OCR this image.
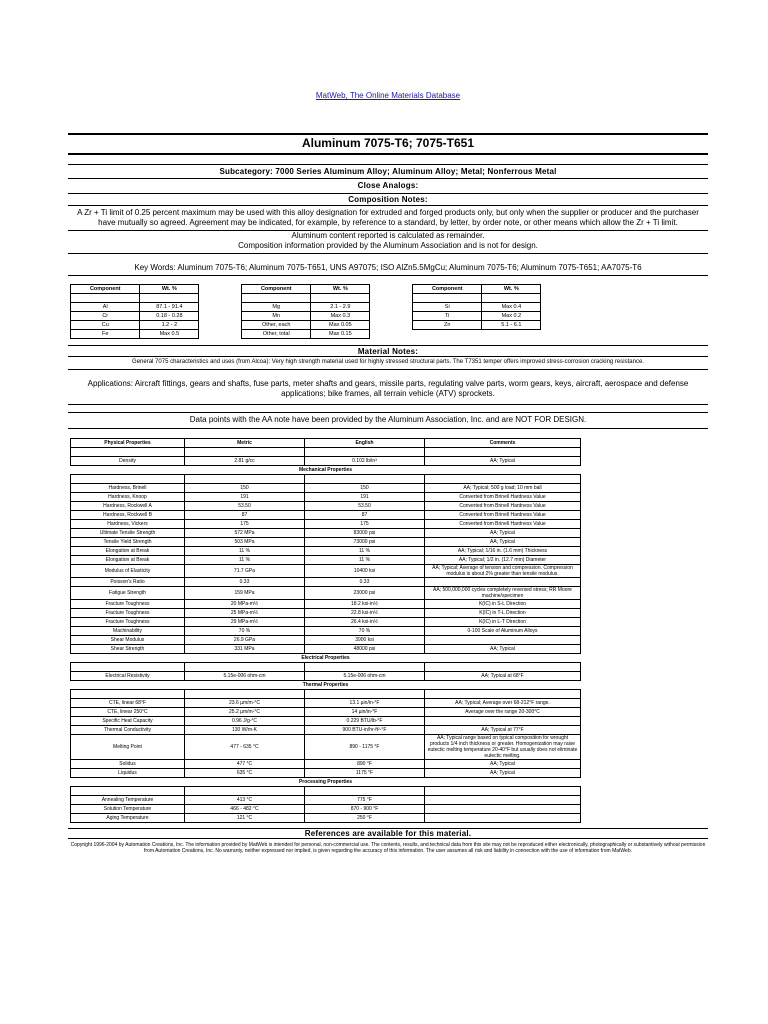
MatWeb, The Online Materials Database
Aluminum 7075-T6; 7075-T651
Subcategory: 7000 Series Aluminum Alloy; Aluminum Alloy; Metal; Nonferrous Metal
Close Analogs:
Composition Notes:
A Zr + Ti limit of 0.25 percent maximum may be used with this alloy designation for extruded and forged products only, but only when the supplier or producer and the purchaser have mutually so agreed. Agreement may be indicated, for example, by reference to a standard, by letter, by order note, or other means which allow the Zr + Ti limit.
Aluminum content reported is calculated as remainder.
Composition information provided by the Aluminum Association and is not for design.
Key Words: Aluminum 7075-T6; Aluminum 7075-T651, UNS A97075; ISO AlZn5.5MgCu; Aluminum 7075-T6; Aluminum 7075-T651; AA7075-T6
Component	Wt. %		Component	Wt. %		Component	Wt. %	

Al	87.1 - 91.4		Mg	2.1 - 2.9		Si	Max 0.4	
Cr	0.18 - 0.28		Mn	Max 0.3		Ti	Max 0.2	
Cu	1.2 - 2		Other, each	Max 0.05		Zn	5.1 - 6.1	
Fe	Max 0.5		Other, total	Max 0.15				
Material Notes:
General 7075 characteristics and uses (from Alcoa): Very high strength material used for highly stressed structural parts. The T7351 temper offers improved stress-corrosion cracking resistance.
Applications: Aircraft fittings, gears and shafts, fuse parts, meter shafts and gears, missile parts, regulating valve parts, worm gears, keys, aircraft, aerospace and defense applications; bike frames, all terrain vehicle (ATV) sprockets.
Data points with the AA note have been provided by the Aluminum Association, Inc. and are NOT FOR DESIGN.
Physical Properties	Metric	English	Comments

Density	2.81 g/cc	0.102 lb/in³	AA; Typical
Mechanical Properties			

Hardness, Brinell	150	150	AA; Typical; 500 g load; 10 mm ball
Hardness, Knoop	191	191	Converted from Brinell Hardness Value
Hardness, Rockwell A	53.50	53.50	Converted from Brinell Hardness Value
Hardness, Rockwell B	87	87	Converted from Brinell Hardness Value
Hardness, Vickers	175	175	Converted from Brinell Hardness Value
Ultimate Tensile Strength	572 MPa	83000 psi	AA; Typical
Tensile Yield Strength	503 MPa	73000 psi	AA; Typical
Elongation at Break	11 %	11 %	AA; Typical; 1/16 in. (1.6 mm) Thickness
Elongation at Break	11 %	11 %	AA; Typical; 1/2 in. (12.7 mm) Diameter
Modulus of Elasticity	71.7 GPa	10400 ksi	AA; Typical; Average of tension and compression. Compression modulus is about 2% greater than tensile modulus.
Poisson's Ratio	0.33	0.33	
Fatigue Strength	159 MPa	23000 psi	AA; 500,000,000 cycles completely reversed stress; RR Moore machine/specimen
Fracture Toughness	20 MPa-m½	18.2 ksi-in½	K(IC) in S-L Direction
Fracture Toughness	25 MPa-m½	22.8 ksi-in½	K(IC) in T-L Direction
Fracture Toughness	29 MPa-m½	26.4 ksi-in½	K(IC) in L-T Direction
Machinability	70 %	70 %	0-100 Scale of Aluminum Alloys
Shear Modulus	26.9 GPa	3900 ksi	
Shear Strength	331 MPa	48000 psi	AA; Typical
Electrical Properties			

Electrical Resistivity	5.15e-006 ohm-cm	5.15e-006 ohm-cm	AA; Typical at 68°F
Thermal Properties			

CTE, linear 68°F	23.6 µm/m-°C	13.1 µin/in-°F	AA; Typical; Average over 68-212°F range.
CTE, linear 250°C	25.2 µm/m-°C	14 µin/in-°F	Average over the range 20-300°C
Specific Heat Capacity	0.96 J/g-°C	0.229 BTU/lb-°F	
Thermal Conductivity	130 W/m-K	900 BTU-in/hr-ft²-°F	AA; Typical at 77°F
Melting Point	477 - 635 °C	890 - 1175 °F	AA; Typical range based on typical composition for wrought products 1/4 inch thickness or greater. Homogenization may raise eutectic melting temperature 20-40°F but usually does not eliminate eutectic melting.
Solidus	477 °C	890 °F	AA; Typical
Liquidus	635 °C	1175 °F	AA; Typical
Processing Properties			

Annealing Temperature	413 °C	775 °F	
Solution Temperature	466 - 482 °C	870 - 900 °F	
Aging Temperature	121 °C	250 °F	
References are available for this material.
Copyright 1996-2004 by Automation Creations, Inc. The information provided by MatWeb is intended for personal, non-commercial use. The contents, results, and technical data from this site may not be reproduced either electronically, photographically or substantively without permission from Automation Creations, Inc. No warranty, neither expressed nor implied, is given regarding the accuracy of this information. The user assumes all risk and liability in connection with the use of information from MatWeb.
